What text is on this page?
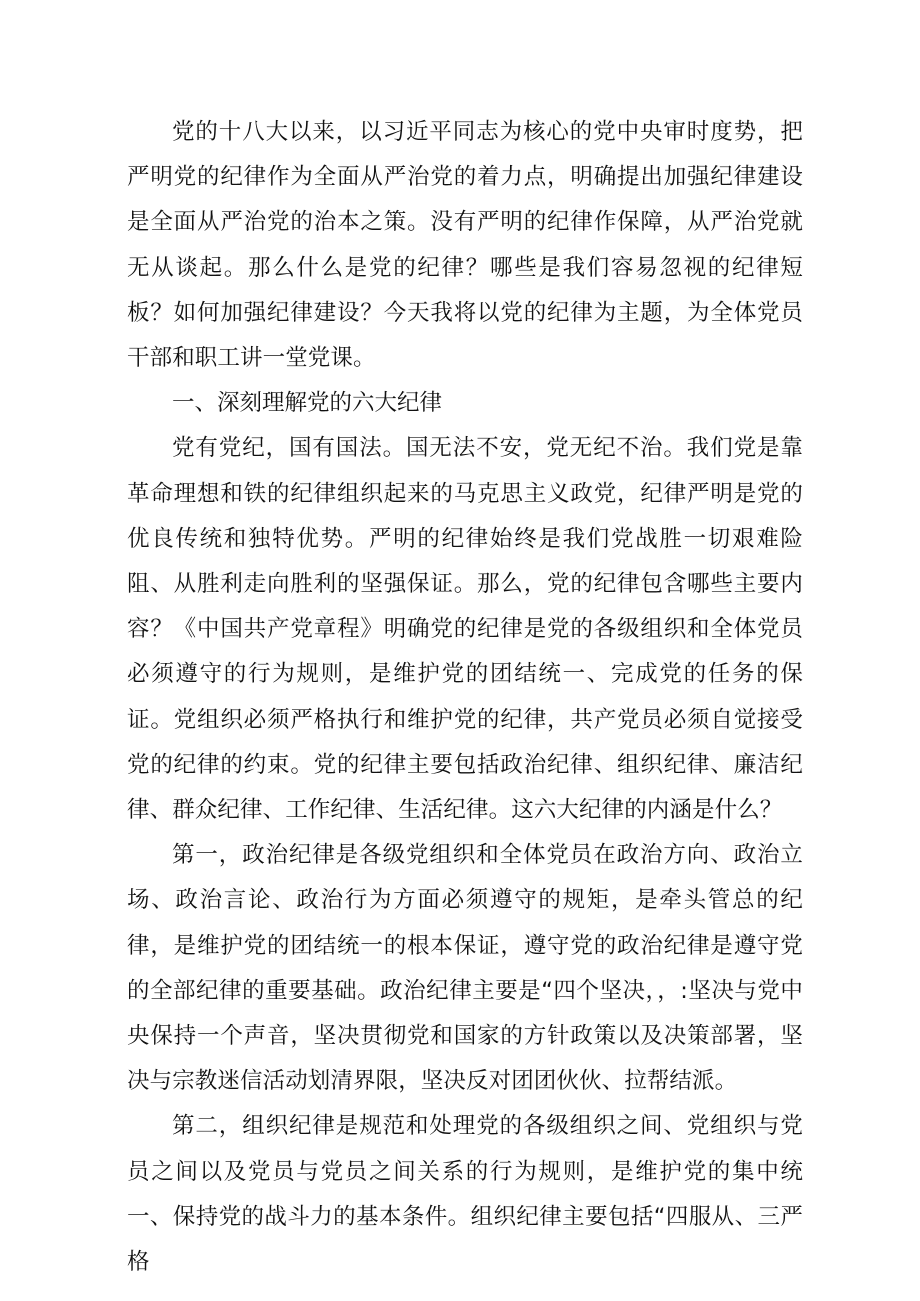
党的十八大以来，以习近平同志为核心的党中央审时度势，把严明党的纪律作为全面从严治党的着力点，明确提出加强纪律建设是全面从严治党的治本之策。没有严明的纪律作保障，从严治党就无从谈起。那么什么是党的纪律？哪些是我们容易忽视的纪律短板？如何加强纪律建设？今天我将以党的纪律为主题，为全体党员干部和职工讲一堂党课。

一、深刻理解党的六大纪律

党有党纪，国有国法。国无法不安，党无纪不治。我们党是靠革命理想和铁的纪律组织起来的马克思主义政党，纪律严明是党的优良传统和独特优势。严明的纪律始终是我们党战胜一切艰难险阻、从胜利走向胜利的坚强保证。那么，党的纪律包含哪些主要内容？《中国共产党章程》明确党的纪律是党的各级组织和全体党员必须遵守的行为规则，是维护党的团结统一、完成党的任务的保证。党组织必须严格执行和维护党的纪律，共产党员必须自觉接受党的纪律的约束。党的纪律主要包括政治纪律、组织纪律、廉洁纪律、群众纪律、工作纪律、生活纪律。这六大纪律的内涵是什么？

第一，政治纪律是各级党组织和全体党员在政治方向、政治立场、政治言论、政治行为方面必须遵守的规矩，是牵头管总的纪律，是维护党的团结统一的根本保证，遵守党的政治纪律是遵守党的全部纪律的重要基础。政治纪律主要是“四个坚决，，:坚决与党中央保持一个声音，坚决贯彻党和国家的方针政策以及决策部署，坚决与宗教迷信活动划清界限，坚决反对团团伙伙、拉帮结派。

第二，组织纪律是规范和处理党的各级组织之间、党组织与党员之间以及党员与党员之间关系的行为规则，是维护党的集中统一、保持党的战斗力的基本条件。组织纪律主要包括“四服从、三严格
